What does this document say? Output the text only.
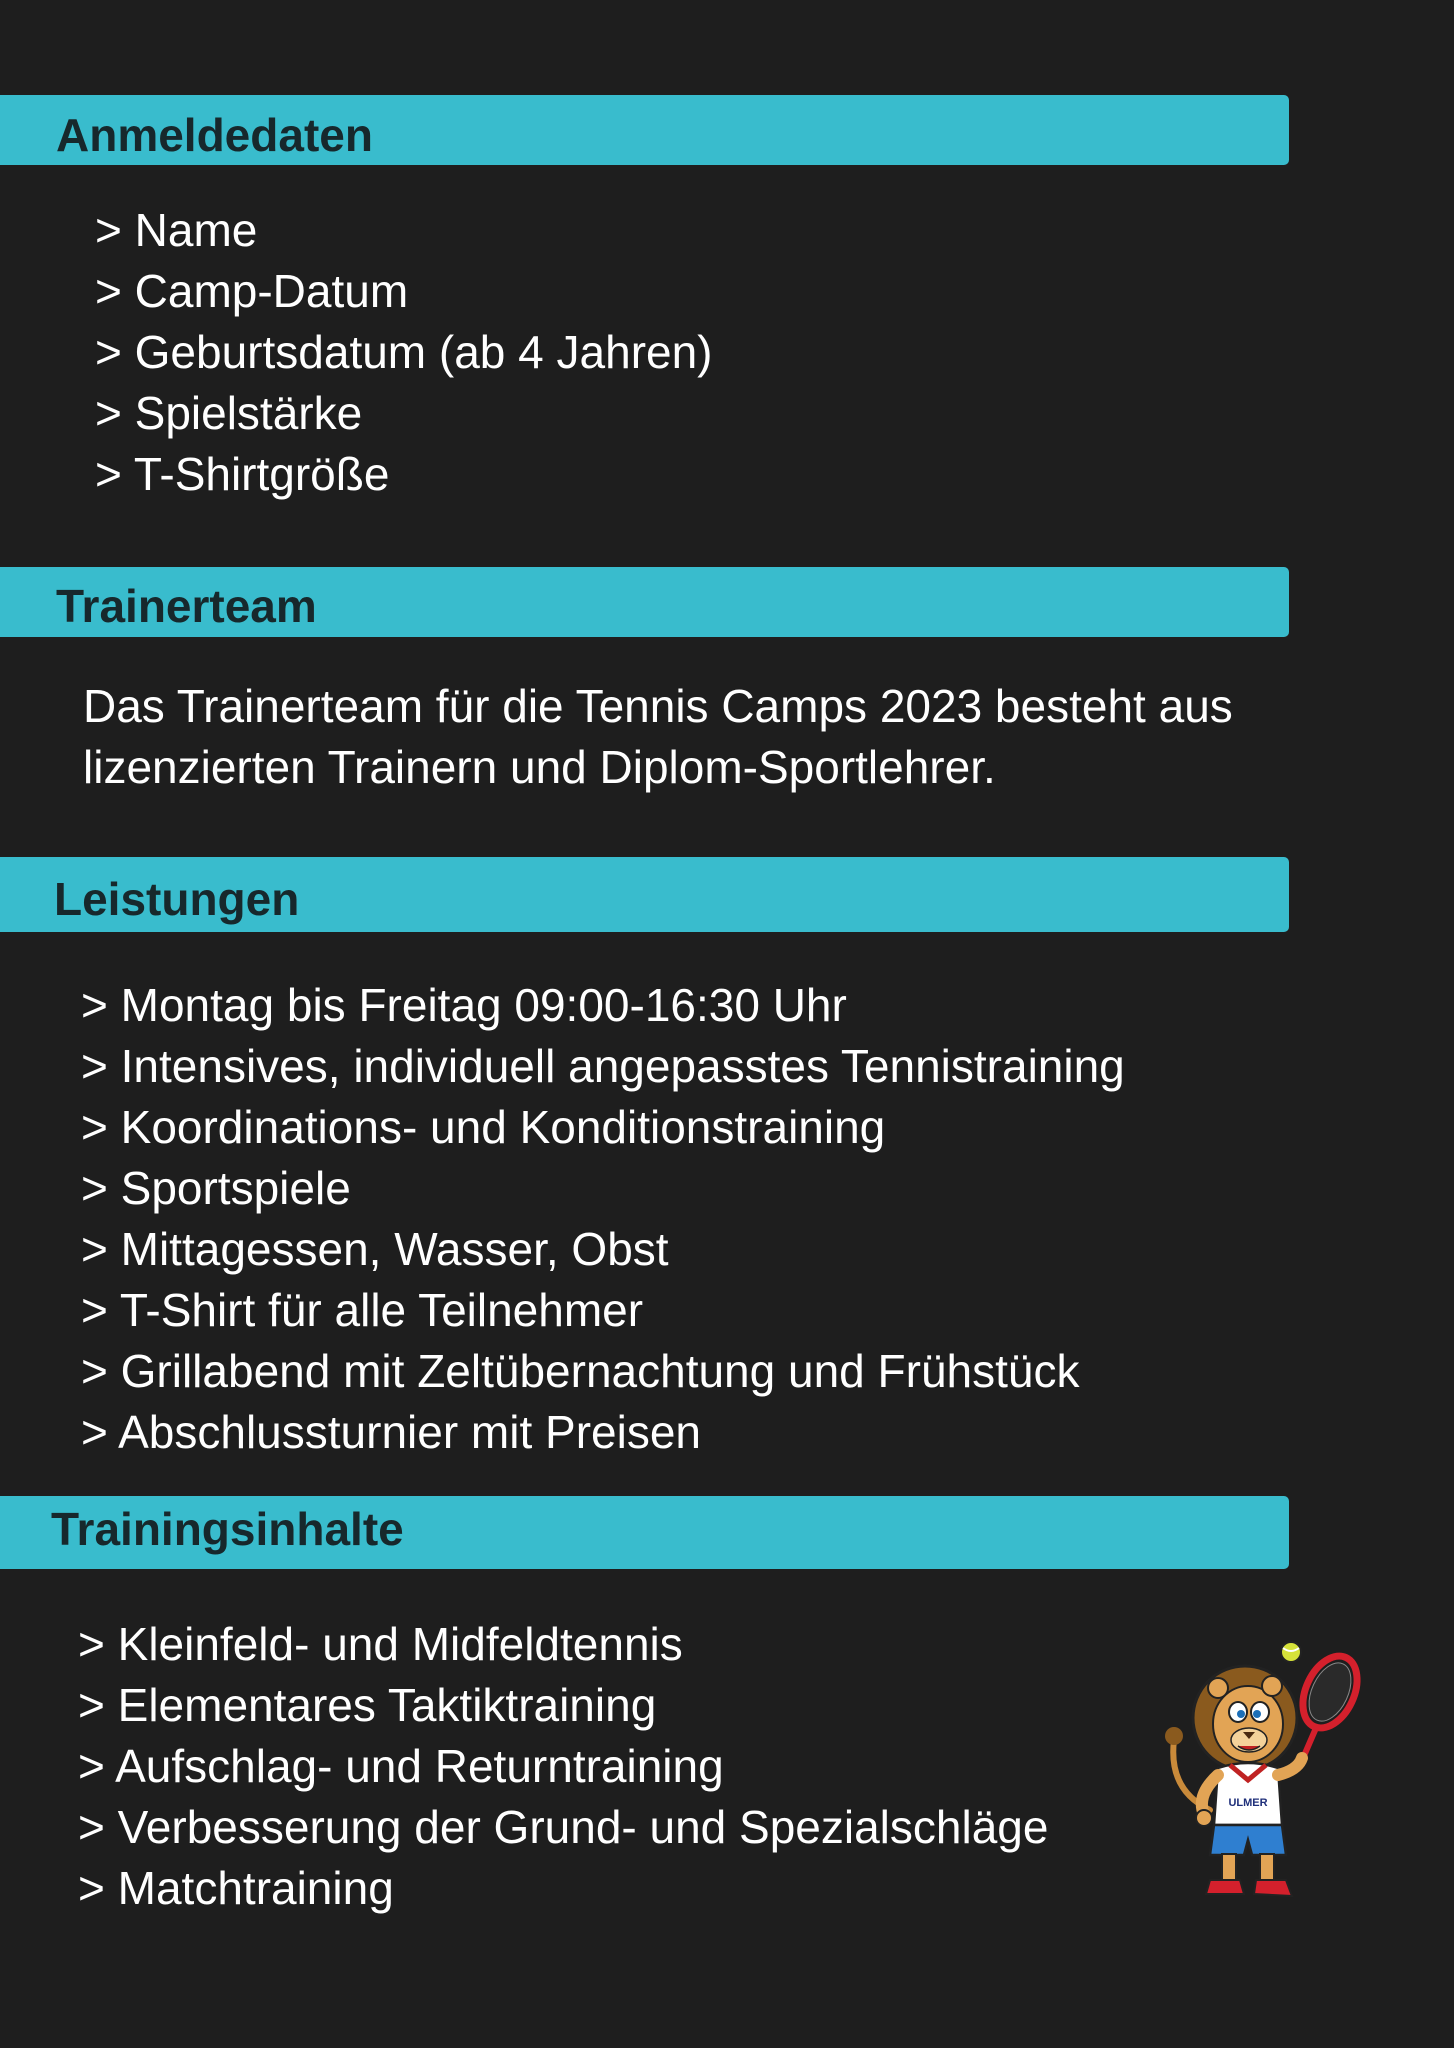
Anmeldedaten
> Name
> Camp-Datum
> Geburtsdatum (ab 4 Jahren)
> Spielstärke
> T-Shirtgröße
Trainerteam
Das Trainerteam für die Tennis Camps 2023 besteht aus
lizenzierten Trainern und Diplom-Sportlehrer.
Leistungen
> Montag bis Freitag 09:00-16:30 Uhr
> Intensives, individuell angepasstes Tennistraining
> Koordinations- und Konditionstraining
> Sportspiele
> Mittagessen, Wasser, Obst
> T-Shirt für alle Teilnehmer
> Grillabend mit Zeltübernachtung und Frühstück
> Abschlussturnier mit Preisen
Trainingsinhalte
> Kleinfeld- und Midfeldtennis
> Elementares Taktiktraining
> Aufschlag- und Returntraining
> Verbesserung der Grund- und Spezialschläge
> Matchtraining
ULMER
